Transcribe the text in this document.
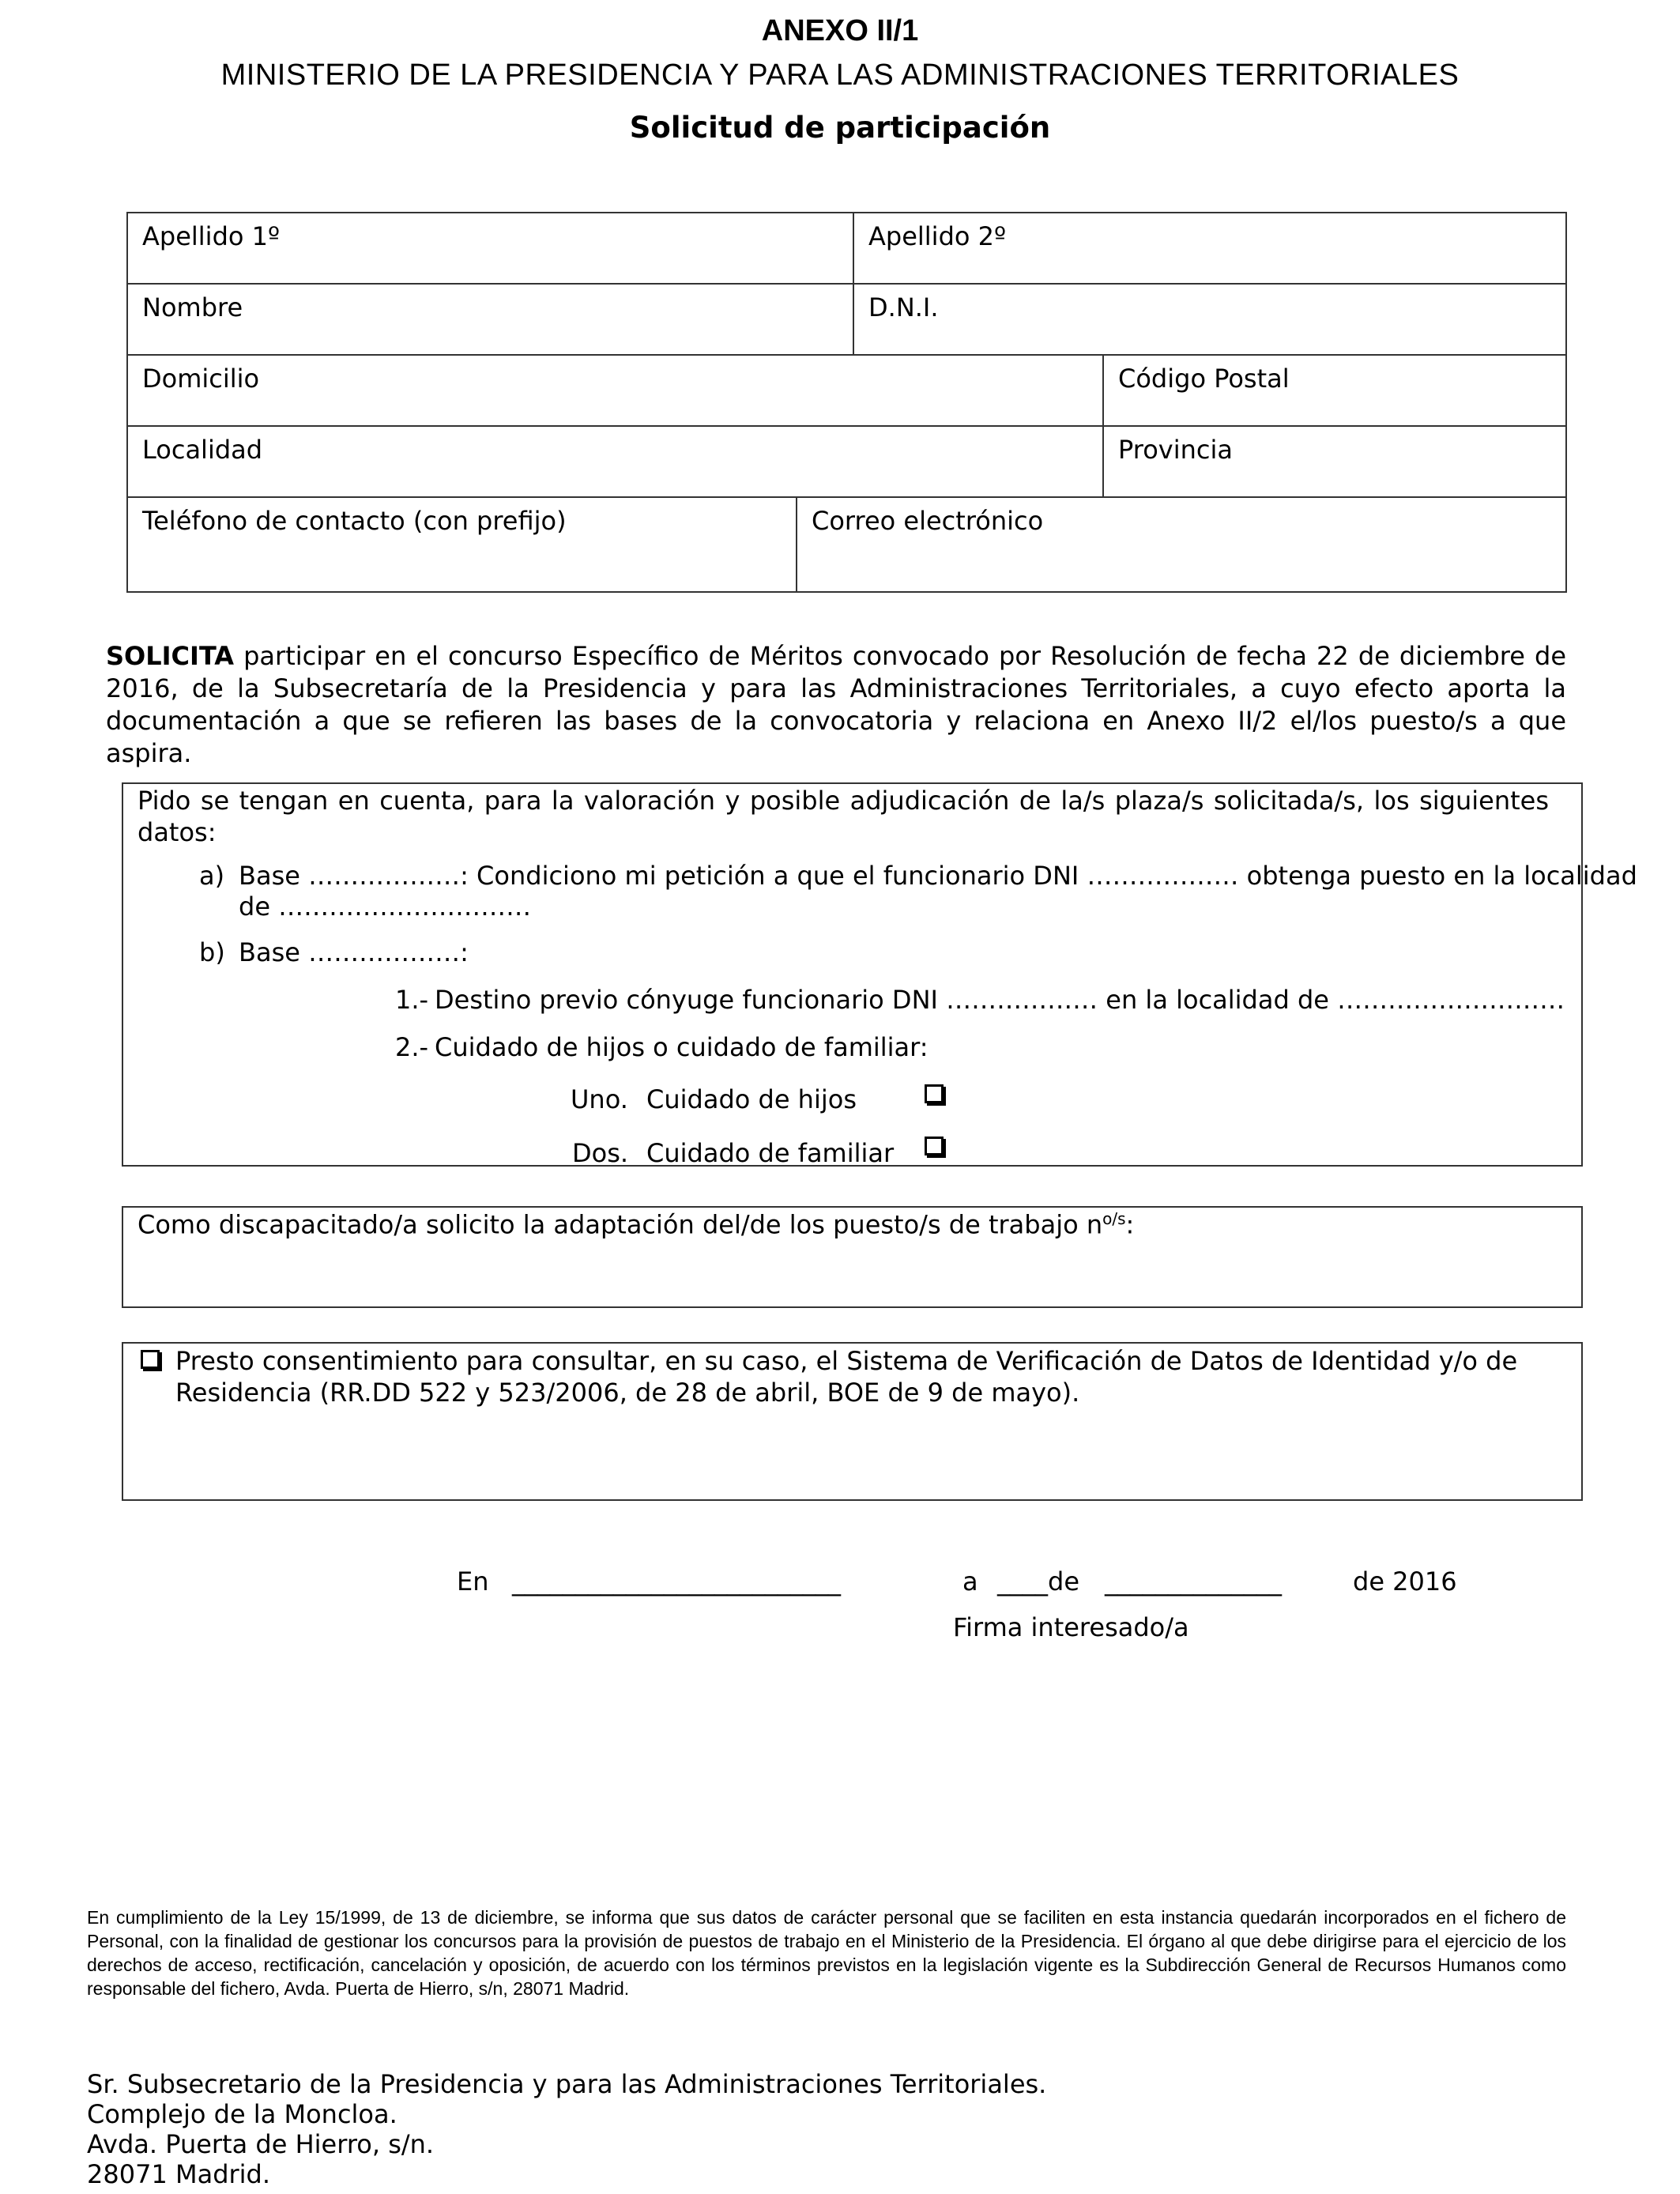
ANEXO II/1
MINISTERIO DE LA PRESIDENCIA Y PARA LAS ADMINISTRACIONES TERRITORIALES
Solicitud de participación
Apellido 1º	Apellido 2º
Nombre	D.N.I.
Domicilio	Código Postal
Localidad	Provincia
Teléfono de contacto (con prefijo)	Correo electrónico

SOLICITA participar en el concurso Específico de Méritos convocado por Resolución de fecha 22 de diciembre de 2016, de la Subsecretaría de la Presidencia y para las Administraciones Territoriales, a cuyo efecto aporta la documentación a que se refieren las bases de la convocatoria y relaciona en Anexo II/2 el/los puesto/s a que aspira.

Pido se tengan en cuenta, para la valoración y posible adjudicación de la/s plaza/s solicitada/s, los siguientes datos:
a) Base ………………: Condiciono mi petición a que el funcionario DNI ……………… obtenga puesto en la localidad
de …………………………
b) Base ………………:
1.- Destino previo cónyuge funcionario DNI ……………… en la localidad de ………………………
2.- Cuidado de hijos o cuidado de familiar:
Uno. Cuidado de hijos
Dos. Cuidado de familiar
Como discapacitado/a solicito la adaptación del/de los puesto/s de trabajo $n^{o/s}$:
Presto consentimiento para consultar, en su caso, el Sistema de Verificación de Datos de Identidad y/o de
Residencia (RR.DD 522 y 523/2006, de 28 de abril, BOE de 9 de mayo).
En __________________________	a ____de ______________	de 2016
Firma interesado/a

En cumplimiento de la Ley 15/1999, de 13 de diciembre, se informa que sus datos de carácter personal que se faciliten en esta instancia quedarán incorporados en el fichero de Personal, con la finalidad de gestionar los concursos para la provisión de puestos de trabajo en el Ministerio de la Presidencia. El órgano al que debe dirigirse para el ejercicio de los derechos de acceso, rectificación, cancelación y oposición, de acuerdo con los términos previstos en la legislación vigente es la Subdirección General de Recursos Humanos como responsable del fichero, Avda. Puerta de Hierro, s/n, 28071 Madrid.

Sr. Subsecretario de la Presidencia y para las Administraciones Territoriales.
Complejo de la Moncloa.
Avda. Puerta de Hierro, s/n.
28071 Madrid.
